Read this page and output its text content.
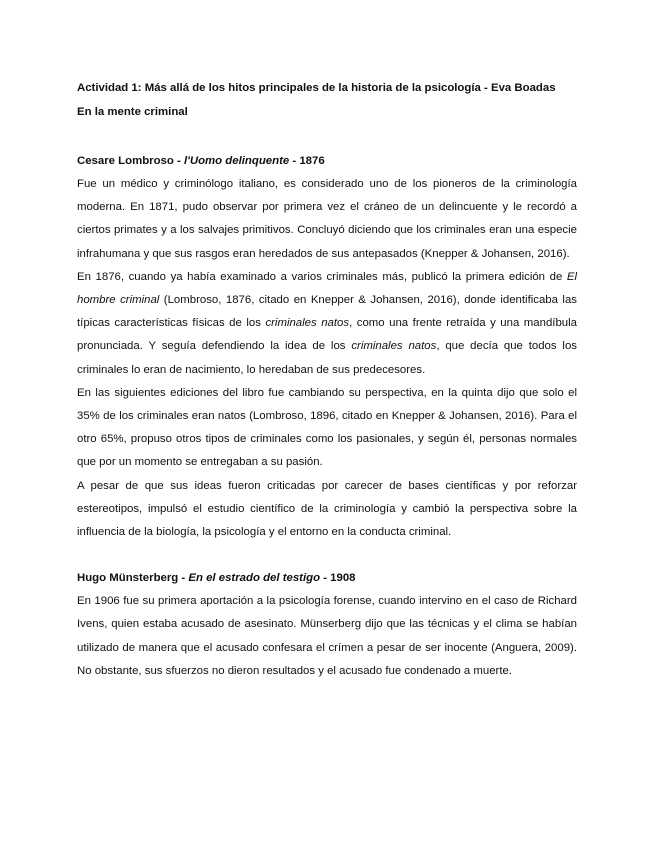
Actividad 1: Más allá de los hitos principales de la historia de la psicología - Eva Boadas

En la mente criminal

Cesare Lombroso - l'Uomo delinquente - 1876

Fue un médico y criminólogo italiano, es considerado uno de los pioneros de la criminología moderna. En 1871, pudo observar por primera vez el cráneo de un delincuente y le recordó a ciertos primates y a los salvajes primitivos. Concluyó diciendo que los criminales eran una especie infrahumana y que sus rasgos eran heredados de sus antepasados (Knepper & Johansen, 2016).

En 1876, cuando ya había examinado a varios criminales más, publicó la primera edición de El hombre criminal (Lombroso, 1876, citado en Knepper & Johansen, 2016), donde identificaba las típicas características físicas de los criminales natos, como una frente retraída y una mandíbula pronunciada. Y seguía defendiendo la idea de los criminales natos, que decía que todos los criminales lo eran de nacimiento, lo heredaban de sus predecesores.

En las siguientes ediciones del libro fue cambiando su perspectiva, en la quinta dijo que solo el 35% de los criminales eran natos (Lombroso, 1896, citado en Knepper & Johansen, 2016). Para el otro 65%, propuso otros tipos de criminales como los pasionales, y según él, personas normales que por un momento se entregaban a su pasión.

A pesar de que sus ideas fueron criticadas por carecer de bases científicas y por reforzar estereotipos, impulsó el estudio científico de la criminología y cambió la perspectiva sobre la influencia de la biología, la psicología y el entorno en la conducta criminal.

Hugo Münsterberg - En el estrado del testigo - 1908

En 1906 fue su primera aportación a la psicología forense, cuando intervino en el caso de Richard Ivens, quien estaba acusado de asesinato. Münserberg dijo que las técnicas y el clima se habían utilizado de manera que el acusado confesara el crímen a pesar de ser inocente (Anguera, 2009). No obstante, sus sfuerzos no dieron resultados y el acusado fue condenado a muerte.
